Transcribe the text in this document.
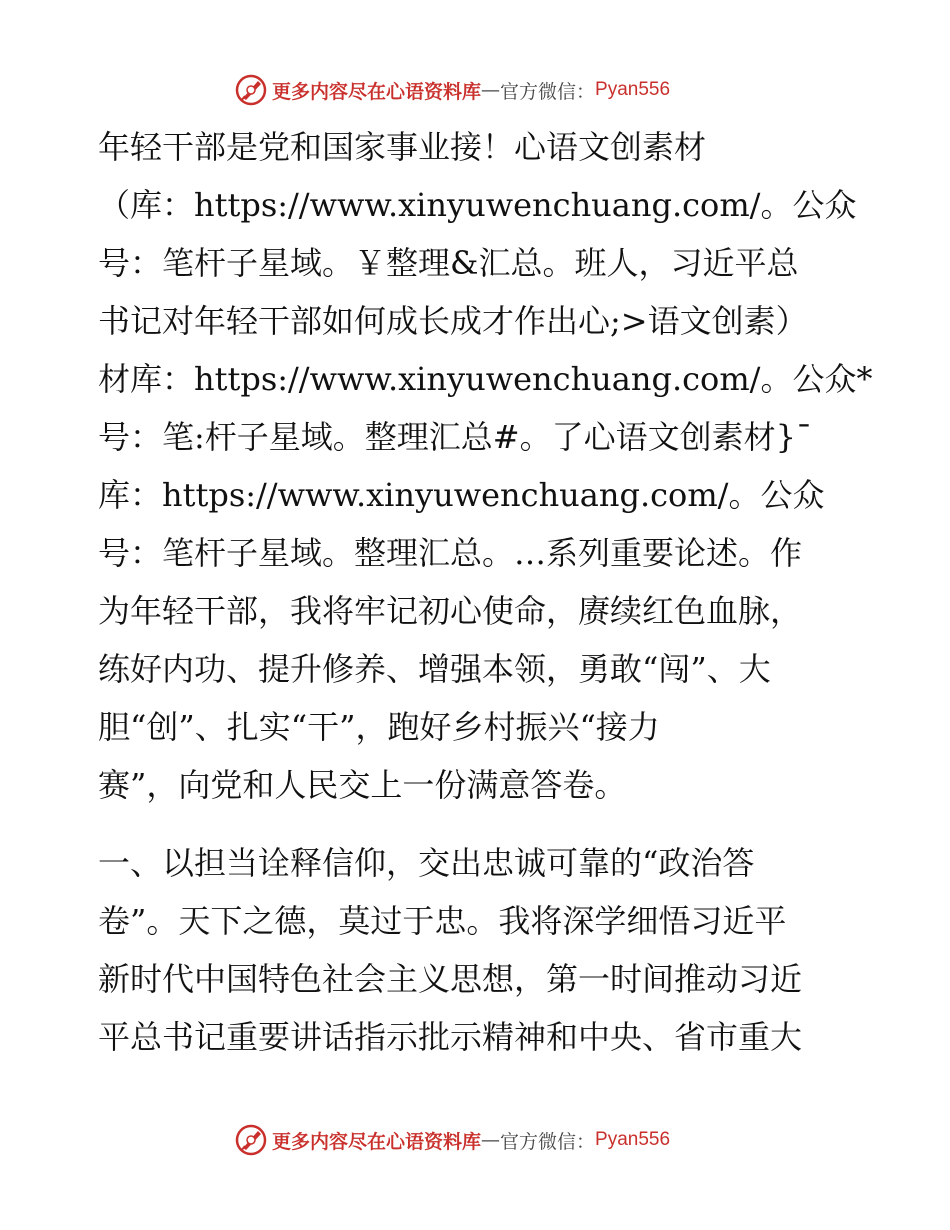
更多内容尽在心语资料库 — 官方微信： Pyan556
年轻干部是党和国家事业接！心语文创素材
（库：https://www.xinyuwenchuang.com/。公众
号：笔杆子星域。￥整理&汇总。班人，习近平总
书记对年轻干部如何成长成才作出心;>语文创素）
材库：https://www.xinyuwenchuang.com/。公众*
号：笔:杆子星域。整理汇总#。了心语文创素材}¯
库：https://www.xinyuwenchuang.com/。公众
号：笔杆子星域。整理汇总。…系列重要论述。作
为年轻干部，我将牢记初心使命，赓续红色血脉，
练好内功、提升修养、增强本领，勇敢“闯”、大
胆“创”、扎实“干”，跑好乡村振兴“接力
赛”，向党和人民交上一份满意答卷。
一、以担当诠释信仰，交出忠诚可靠的“政治答
卷”。天下之德，莫过于忠。我将深学细悟习近平
新时代中国特色社会主义思想，第一时间推动习近
平总书记重要讲话指示批示精神和中央、省市重大
更多内容尽在心语资料库 — 官方微信： Pyan556
